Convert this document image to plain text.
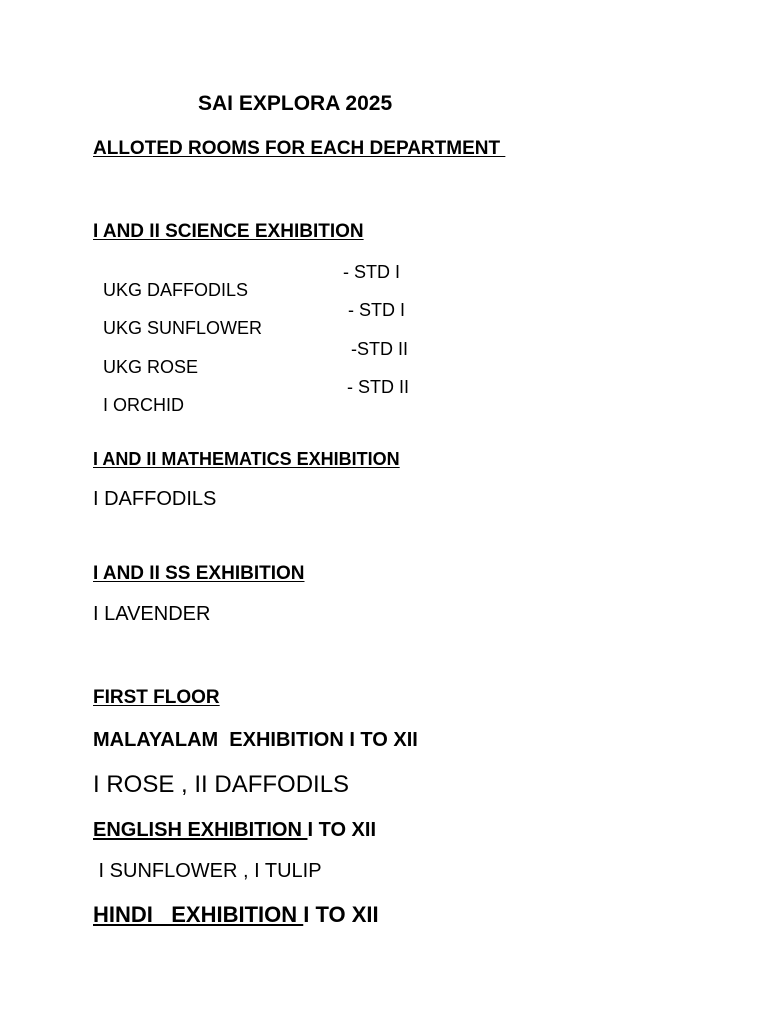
SAI EXPLORA 2025
ALLOTED ROOMS FOR EACH DEPARTMENT
I AND II SCIENCE EXHIBITION

UKG DAFFODILS

- STD I

UKG SUNFLOWER

- STD I

UKG ROSE

-STD II

I ORCHID

- STD II

I AND II MATHEMATICS EXHIBITION
I DAFFODILS
I AND II SS EXHIBITION
I LAVENDER
FIRST FLOOR
MALAYALAM  EXHIBITION I TO XII
I ROSE , II DAFFODILS
ENGLISH EXHIBITION I TO XII
I SUNFLOWER , I TULIP
HINDI   EXHIBITION I TO XII
